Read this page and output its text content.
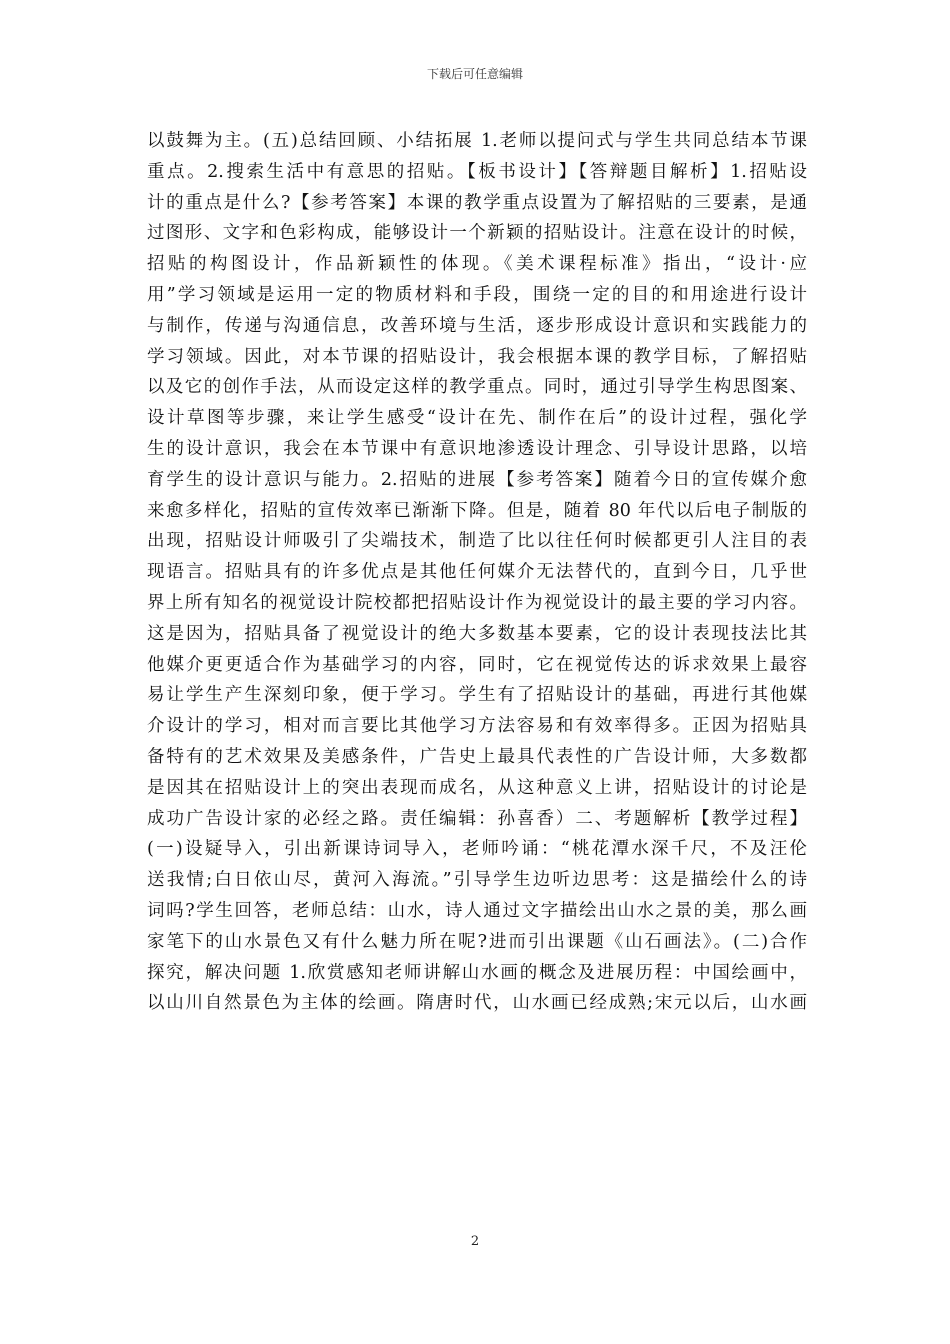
下载后可任意编辑
以鼓舞为主。(五)总结回顾、小结拓展 1.老师以提问式与学生共同总结本节课
重点。2.搜索生活中有意思的招贴。【板书设计】【答辩题目解析】1.招贴设
计的重点是什么?【参考答案】本课的教学重点设置为了解招贴的三要素，是通
过图形、文字和色彩构成，能够设计一个新颖的招贴设计。注意在设计的时候，
招贴的构图设计，作品新颖性的体现。《美术课程标准》指出，“设计·应
用”学习领域是运用一定的物质材料和手段，围绕一定的目的和用途进行设计
与制作，传递与沟通信息，改善环境与生活，逐步形成设计意识和实践能力的
学习领域。因此，对本节课的招贴设计，我会根据本课的教学目标，了解招贴
以及它的创作手法，从而设定这样的教学重点。同时，通过引导学生构思图案、
设计草图等步骤，来让学生感受“设计在先、制作在后”的设计过程，强化学
生的设计意识，我会在本节课中有意识地渗透设计理念、引导设计思路，以培
育学生的设计意识与能力。2.招贴的进展【参考答案】随着今日的宣传媒介愈
来愈多样化，招贴的宣传效率已渐渐下降。但是，随着 80 年代以后电子制版的
出现，招贴设计师吸引了尖端技术，制造了比以往任何时候都更引人注目的表
现语言。招贴具有的许多优点是其他任何媒介无法替代的，直到今日，几乎世
界上所有知名的视觉设计院校都把招贴设计作为视觉设计的最主要的学习内容。
这是因为，招贴具备了视觉设计的绝大多数基本要素，它的设计表现技法比其
他媒介更更适合作为基础学习的内容，同时，它在视觉传达的诉求效果上最容
易让学生产生深刻印象，便于学习。学生有了招贴设计的基础，再进行其他媒
介设计的学习，相对而言要比其他学习方法容易和有效率得多。正因为招贴具
备特有的艺术效果及美感条件，广告史上最具代表性的广告设计师，大多数都
是因其在招贴设计上的突出表现而成名，从这种意义上讲，招贴设计的讨论是
成功广告设计家的必经之路。责任编辑：孙喜香）二、考题解析【教学过程】
(一)设疑导入，引出新课诗词导入，老师吟诵：“桃花潭水深千尺，不及汪伦
送我情;白日依山尽，黄河入海流。”引导学生边听边思考：这是描绘什么的诗
词吗?学生回答，老师总结：山水，诗人通过文字描绘出山水之景的美，那么画
家笔下的山水景色又有什么魅力所在呢?进而引出课题《山石画法》。(二)合作
探究，解决问题 1.欣赏感知老师讲解山水画的概念及进展历程：中国绘画中，
以山川自然景色为主体的绘画。隋唐时代，山水画已经成熟;宋元以后，山水画
2
